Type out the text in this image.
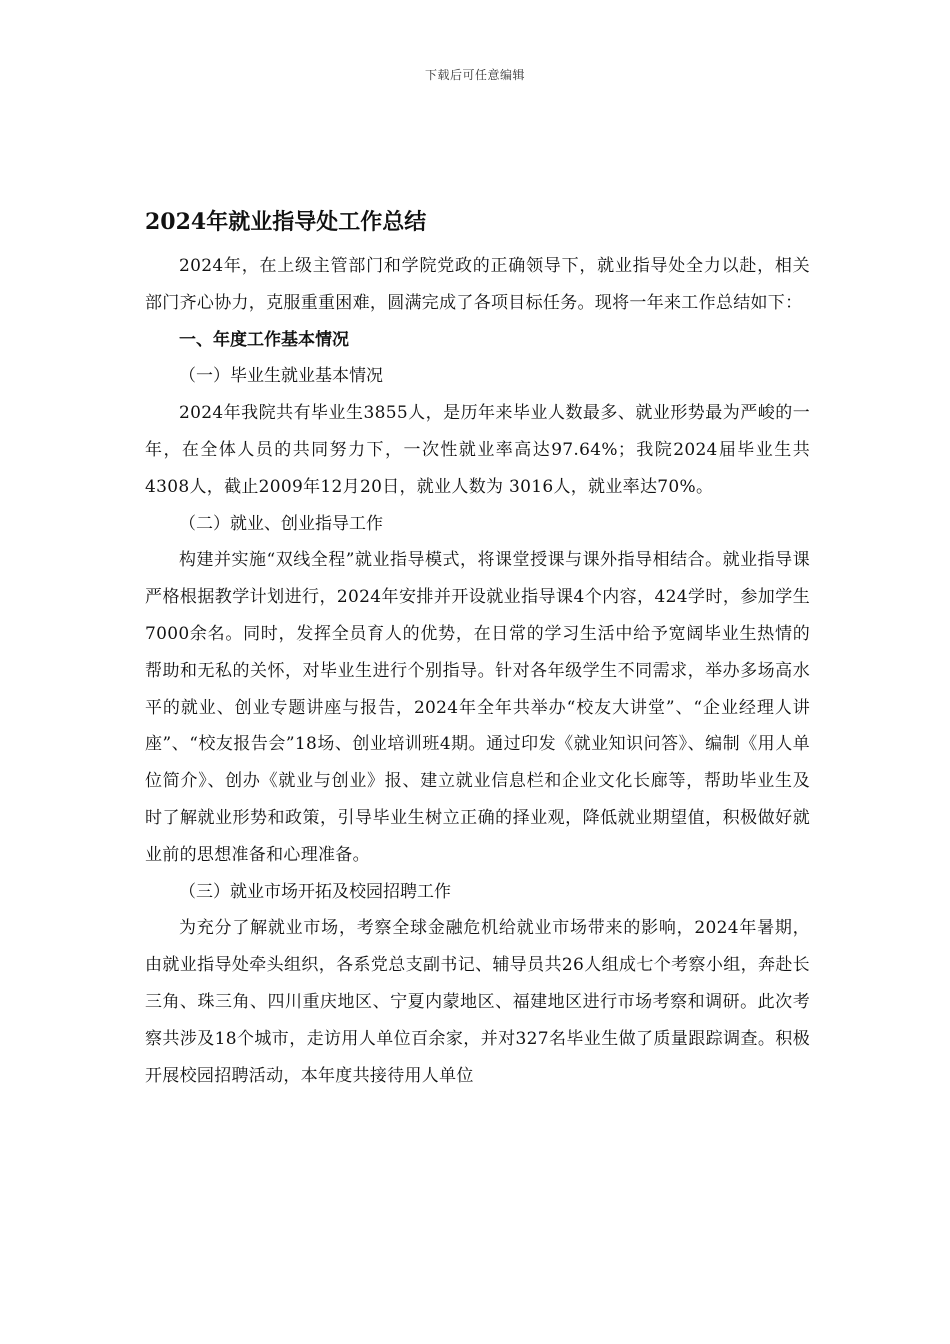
下载后可任意编辑
2024年就业指导处工作总结

2024年，在上级主管部门和学院党政的正确领导下，就业指导处全力以赴，相关部门齐心协力，克服重重困难，圆满完成了各项目标任务。现将一年来工作总结如下：

一、年度工作基本情况

（一）毕业生就业基本情况

2024年我院共有毕业生3855人，是历年来毕业人数最多、就业形势最为严峻的一年，在全体人员的共同努力下，一次性就业率高达97.64%；我院2024届毕业生共4308人，截止2009年12月20日，就业人数为 3016人，就业率达70%。

（二）就业、创业指导工作

构建并实施“双线全程”就业指导模式，将课堂授课与课外指导相结合。就业指导课严格根据教学计划进行，2024年安排并开设就业指导课4个内容，424学时，参加学生7000余名。同时，发挥全员育人的优势，在日常的学习生活中给予宽阔毕业生热情的帮助和无私的关怀，对毕业生进行个别指导。针对各年级学生不同需求，举办多场高水平的就业、创业专题讲座与报告，2024年全年共举办“校友大讲堂”、“企业经理人讲座”、“校友报告会”18场、创业培训班4期。通过印发《就业知识问答》、编制《用人单位简介》、创办《就业与创业》报、建立就业信息栏和企业文化长廊等，帮助毕业生及时了解就业形势和政策，引导毕业生树立正确的择业观，降低就业期望值，积极做好就业前的思想准备和心理准备。

（三）就业市场开拓及校园招聘工作

为充分了解就业市场，考察全球金融危机给就业市场带来的影响，2024年暑期，由就业指导处牵头组织，各系党总支副书记、辅导员共26人组成七个考察小组，奔赴长三角、珠三角、四川重庆地区、宁夏内蒙地区、福建地区进行市场考察和调研。此次考察共涉及18个城市，走访用人单位百余家，并对327名毕业生做了质量跟踪调查。积极开展校园招聘活动，本年度共接待用人单位
